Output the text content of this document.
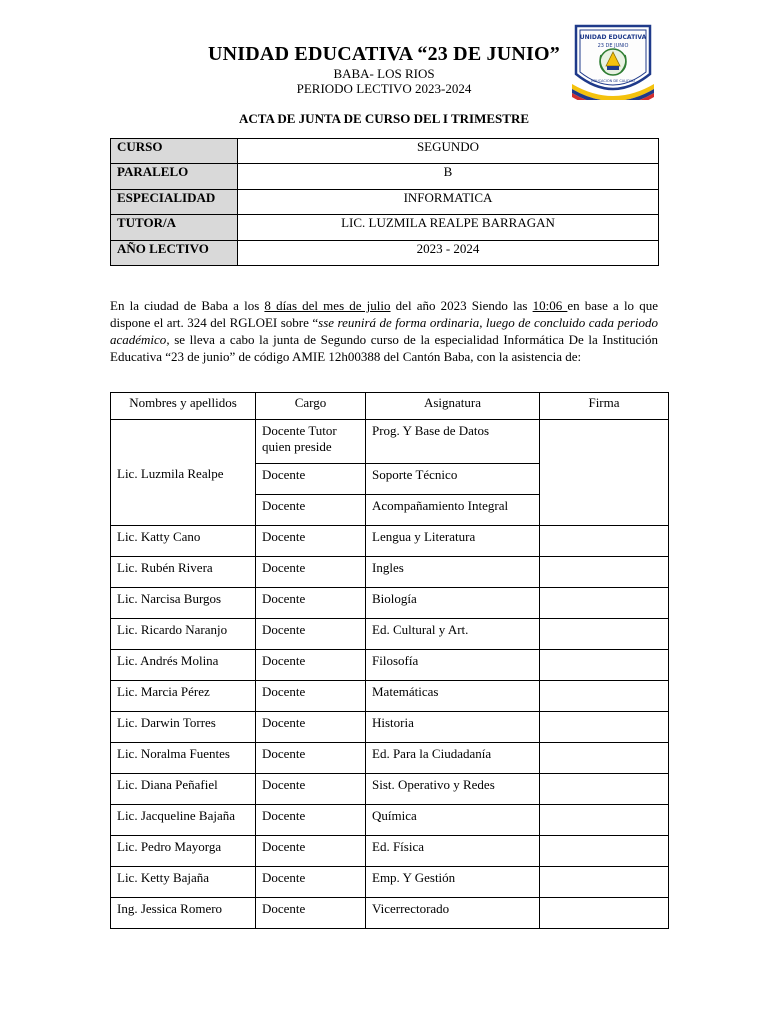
UNIDAD EDUCATIVA “23 DE JUNIO”
BABA- LOS RIOS
PERIODO LECTIVO 2023-2024
UNIDAD EDUCATIVA
23 DE JUNIO
EDUCACION DE CALIDAD
ACTA DE JUNTA DE CURSO DEL I TRIMESTRE
CURSO	SEGUNDO
PARALELO	B
ESPECIALIDAD	INFORMATICA
TUTOR/A	LIC. LUZMILA REALPE BARRAGAN
AÑO LECTIVO	2023 - 2024
En la ciudad de Baba a los 8 días del mes de julio del año 2023 Siendo las 10:06 en base a lo que dispone el art. 324 del RGLOEI sobre “sse reunirá de forma ordinaria, luego de concluido cada periodo académico, se lleva a cabo la junta de Segundo curso de la especialidad Informática De la Institución Educativa “23 de junio” de código AMIE 12h00388 del Cantón Baba, con la asistencia de:
Nombres y apellidos	Cargo	Asignatura	Firma
Lic. Luzmila Realpe	Docente Tutor quien preside	Prog. Y Base de Datos	
	Docente	Soporte Técnico	
	Docente	Acompañamiento Integral	
Lic. Katty Cano	Docente	Lengua y Literatura	
Lic. Rubén Rivera	Docente	Ingles	
Lic. Narcisa Burgos	Docente	Biología	
Lic. Ricardo Naranjo	Docente	Ed. Cultural y Art.	
Lic. Andrés Molina	Docente	Filosofía	
Lic. Marcia Pérez	Docente	Matemáticas	
Lic. Darwin Torres	Docente	Historia	
Lic. Noralma Fuentes	Docente	Ed. Para la Ciudadanía	
Lic. Diana Peñafiel	Docente	Sist. Operativo y Redes	
Lic. Jacqueline Bajaña	Docente	Química	
Lic. Pedro Mayorga	Docente	Ed. Física	
Lic. Ketty Bajaña	Docente	Emp. Y Gestión	
Ing. Jessica Romero	Docente	Vicerrectorado	
